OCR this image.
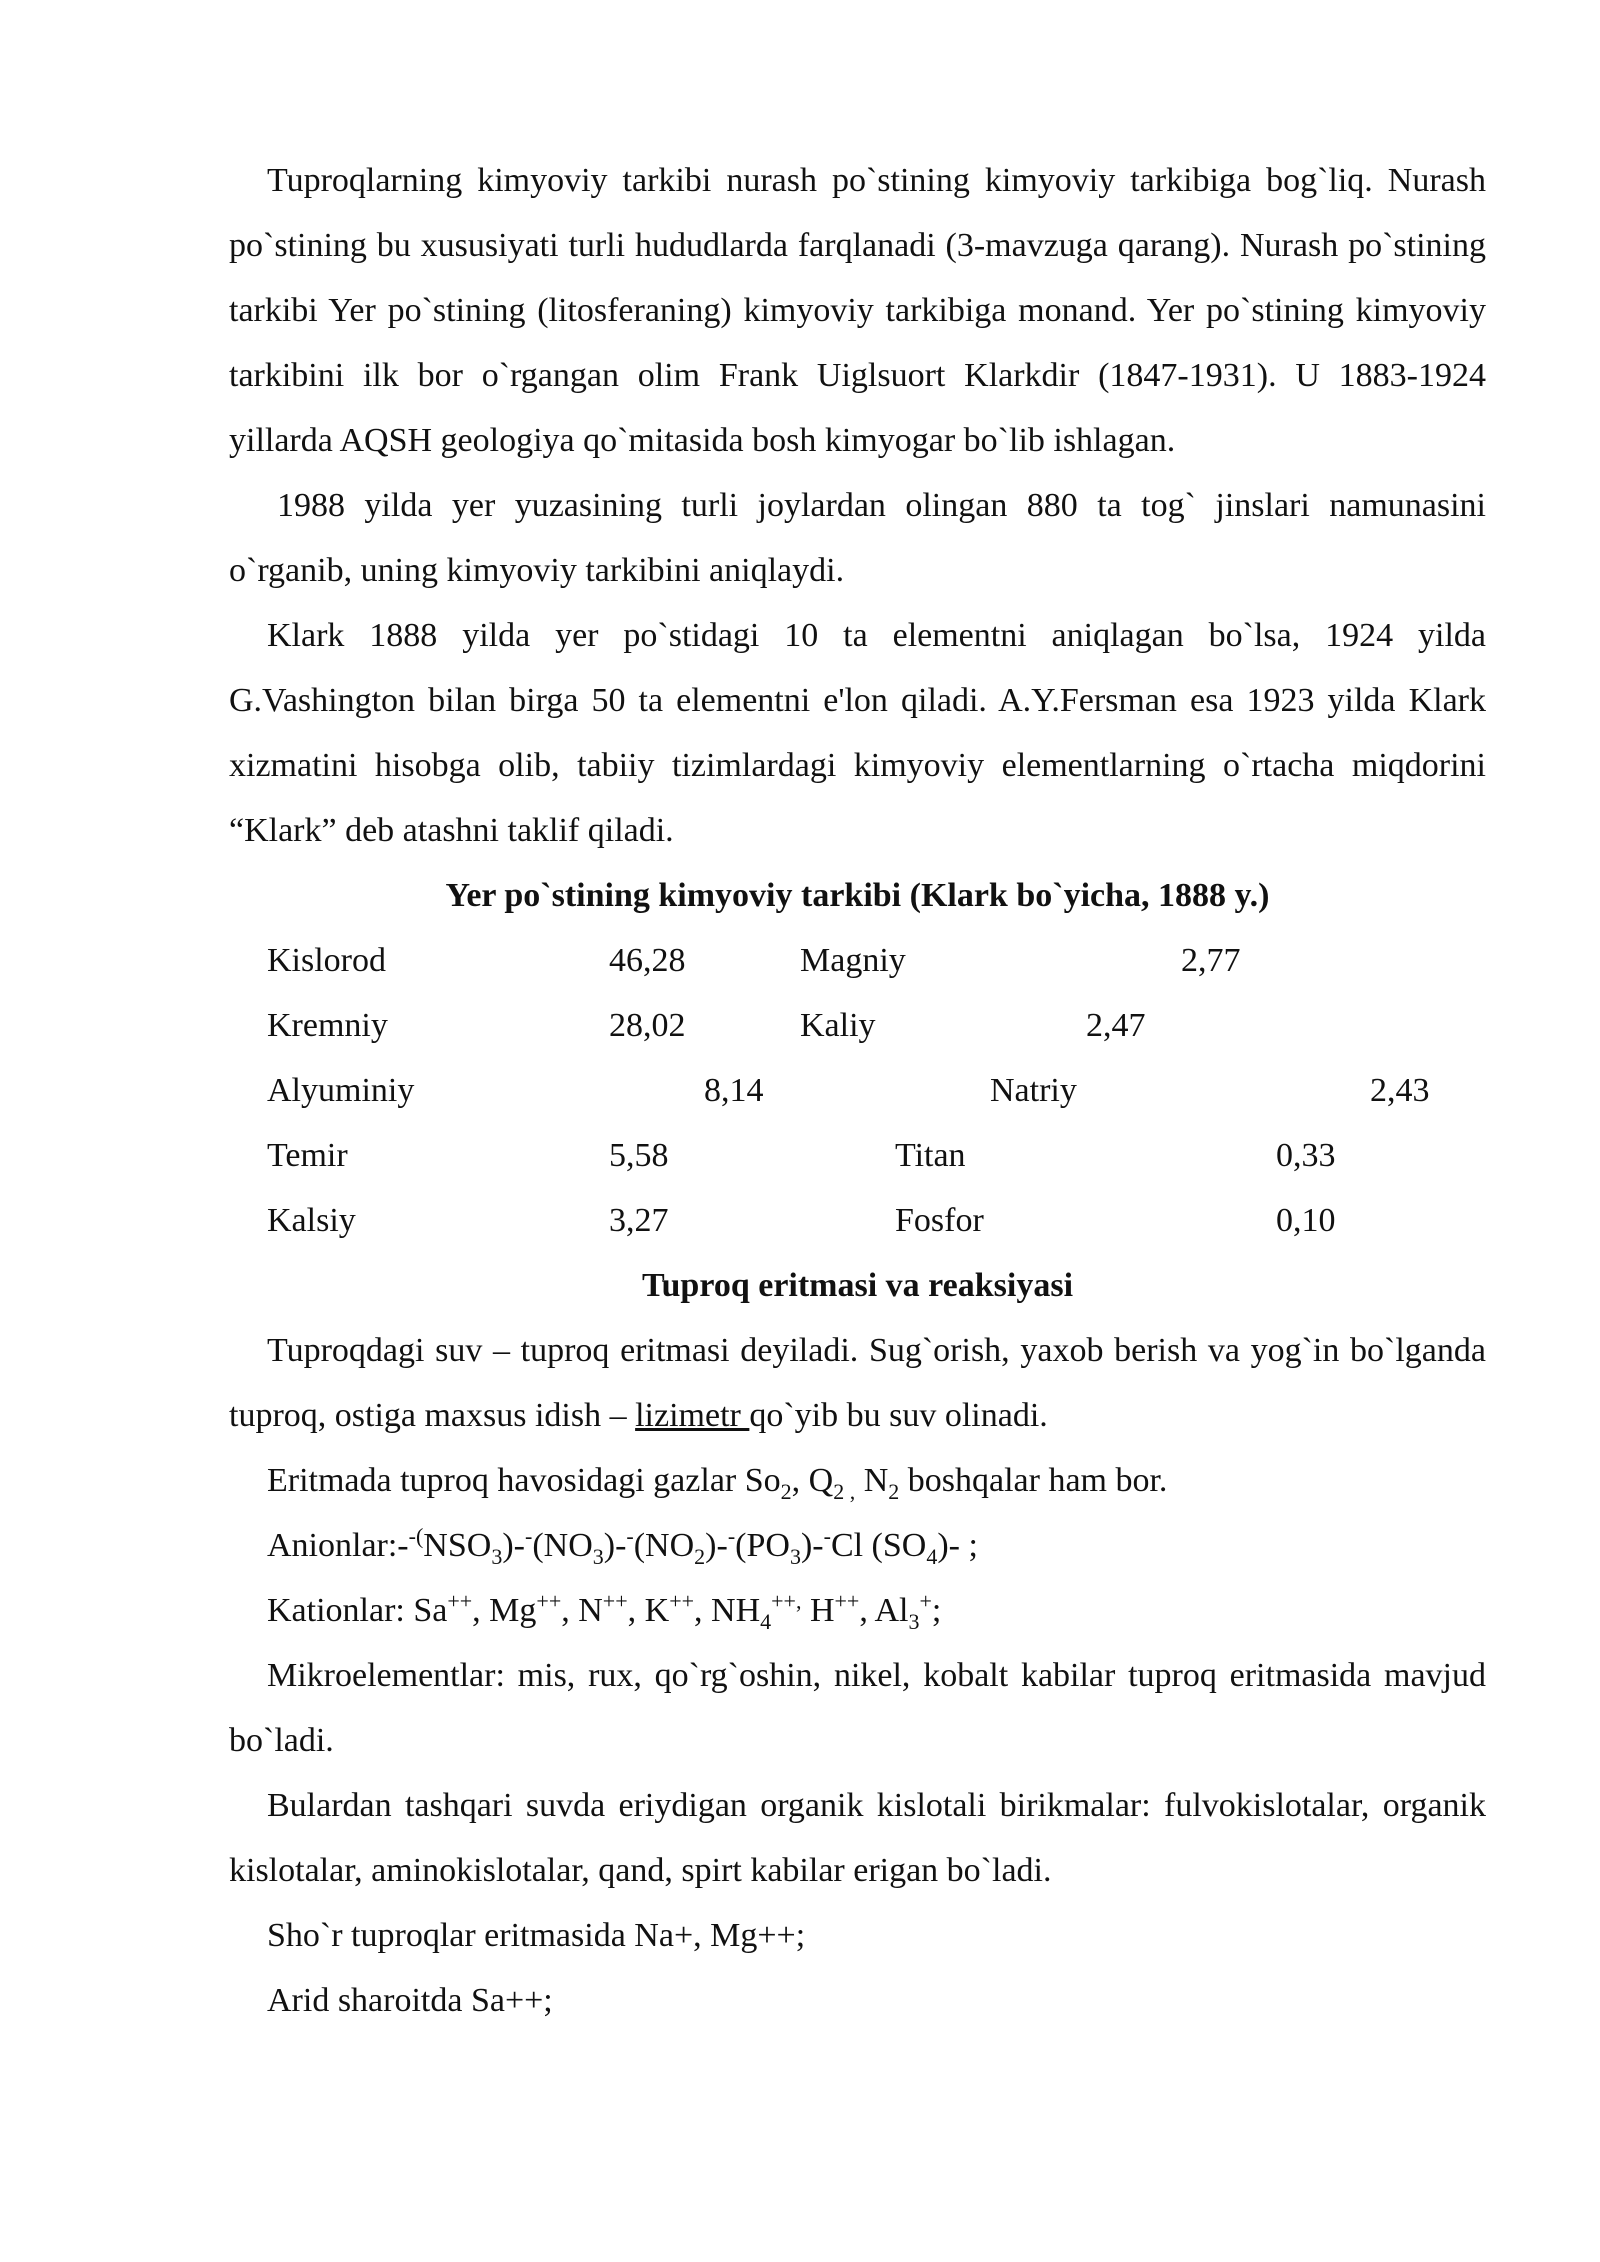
Tuproqlarning kimyoviy tarkibi nurash po`stining kimyoviy tarkibiga bog`liq. Nurash po`stining bu xususiyati turli hududlarda farqlanadi (3-mavzuga qarang). Nurash po`stining tarkibi Yer po`stining (litosferaning) kimyoviy tarkibiga monand. Yer po`stining kimyoviy tarkibini ilk bor o`rgangan olim Frank Uiglsuort Klarkdir (1847-1931). U 1883-1924 yillarda AQSH geologiya qo`mitasida bosh kimyogar bo`lib ishlagan.

1988 yilda yer yuzasining turli joylardan olingan 880 ta tog` jinslari namunasini o`rganib, uning kimyoviy tarkibini aniqlaydi.

Klark 1888 yilda yer po`stidagi 10 ta elementni aniqlagan bo`lsa, 1924 yilda G.Vashington bilan birga 50 ta elementni e'lon qiladi. A.Y.Fersman esa 1923 yilda Klark xizmatini hisobga olib, tabiiy tizimlardagi kimyoviy elementlarning o`rtacha miqdorini “Klark” deb atashni taklif qiladi.

Yer po`stining kimyoviy tarkibi (Klark bo`yicha, 1888 y.)

Kislorod	46,28	Magniy	2,77
Kremniy	28,02	Kaliy	2,47
Alyuminiy	8,14	Natriy	2,43
Temir	5,58	Titan	0,33
Kalsiy	3,27	Fosfor	0,10

Tuproq eritmasi va reaksiyasi

Tuproqdagi suv – tuproq eritmasi deyiladi. Sug`orish, yaxob berish va yog`in bo`lganda tuproq, ostiga maxsus idish – lizimetr qo`yib bu suv olinadi.

Eritmada tuproq havosidagi gazlar $So_2$, $Q_{2 ,}$ $N_2$ boshqalar ham bor.

$Anionlar:-^{-(}NSO_3)-^-(NO_3)-^-(NO_2)-^-(PO_3)-^-Cl$ $(SO_4)-$ ;

Kationlar: Sa++, Mg++, N++, K++, $NH_4^{++,}$ H++, $Al_3^+$;

Mikroelementlar: mis, rux, qo`rg`oshin, nikel, kobalt kabilar tuproq eritmasida mavjud bo`ladi.

Bulardan tashqari suvda eriydigan organik kislotali birikmalar: fulvokislotalar, organik kislotalar, aminokislotalar, qand, spirt kabilar erigan bo`ladi.

Sho`r tuproqlar eritmasida Na+, Mg++;

Arid sharoitda Sa++;
